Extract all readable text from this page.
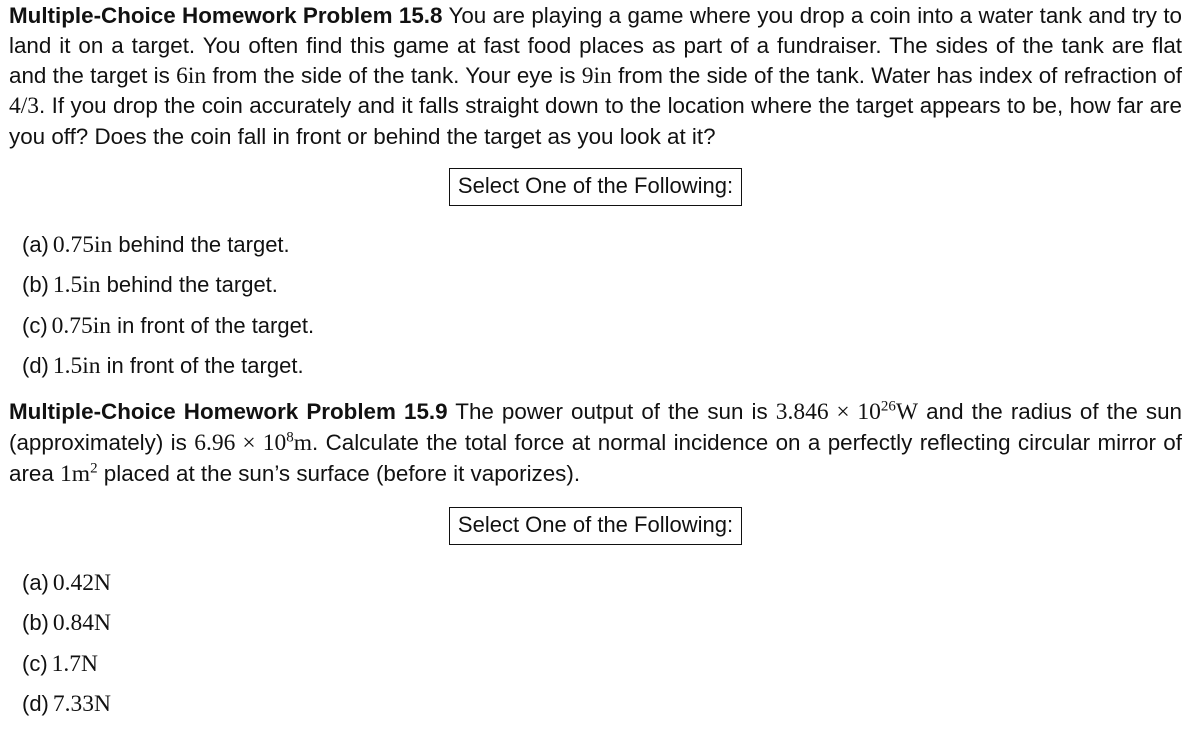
Multiple-Choice Homework Problem 15.8 You are playing a game where you drop a coin into a water tank and try to land it on a target. You often find this game at fast food places as part of a fundraiser. The sides of the tank are flat and the target is 6in from the side of the tank. Your eye is 9in from the side of the tank. Water has index of refraction of 4/3. If you drop the coin accurately and it falls straight down to the location where the target appears to be, how far are you off? Does the coin fall in front or behind the target as you look at it?

Select One of the Following:
(a) 0.75in behind the target.
(b) 1.5in behind the target.
(c) 0.75in in front of the target.
(d) 1.5in in front of the target.

Multiple-Choice Homework Problem 15.9 The power output of the sun is $3.846 \times 10^{26}W$ and the radius of the sun (approximately) is $6.96 \times 10^8m$. Calculate the total force at normal incidence on a perfectly reflecting circular mirror of area $1m^2$ placed at the sun’s surface (before it vaporizes).

Select One of the Following:
(a) 0.42N
(b) 0.84N
(c) 1.7N
(d) 7.33N
